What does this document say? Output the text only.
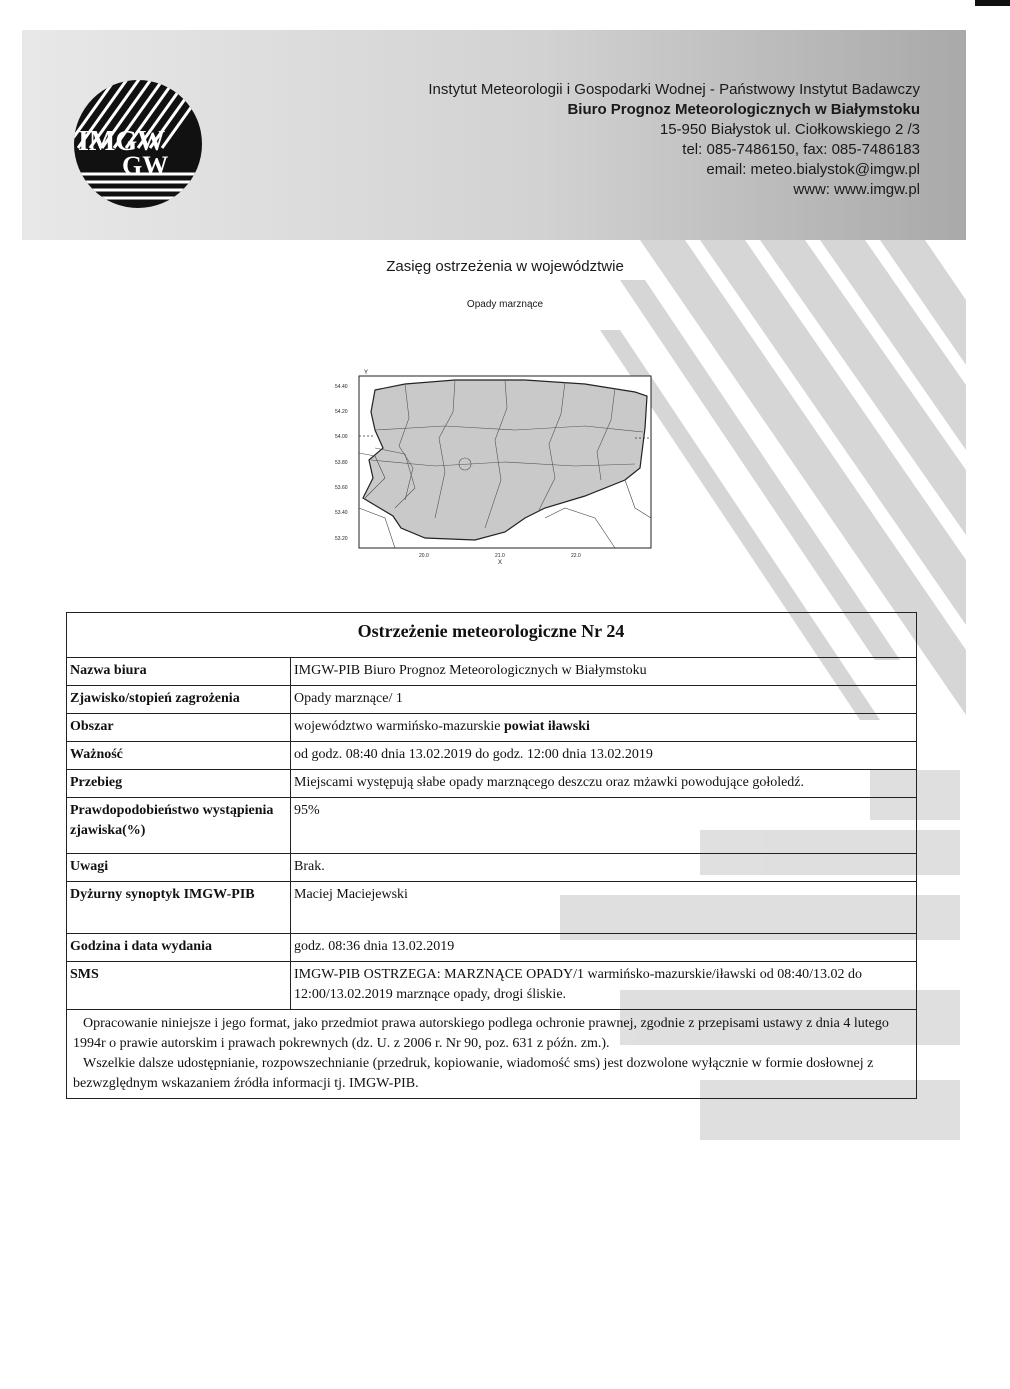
IMGW
GW
Instytut Meteorologii i Gospodarki Wodnej - Państwowy Instytut Badawczy
Biuro Prognoz Meteorologicznych w Białymstoku
15-950 Białystok ul. Ciołkowskiego 2 /3
tel: 085-7486150, fax: 085-7486183
email: meteo.bialystok@imgw.pl
www: www.imgw.pl
Zasięg ostrzeżenia w województwie
Opady marznące
Y
54.40
54.20
54.00
53.80
53.60
53.40
53.20
20.0	21.0	22.0
X
Ostrzeżenie meteorologiczne Nr 24	
Nazwa biura	IMGW-PIB Biuro Prognoz Meteorologicznych w Białymstoku
Zjawisko/stopień zagrożenia	Opady marznące/ 1
Obszar	województwo warmińsko-mazurskie powiat iławski
Ważność	od godz. 08:40 dnia 13.02.2019 do godz. 12:00 dnia 13.02.2019
Przebieg	Miejscami występują słabe opady marznącego deszczu oraz mżawki powodujące gołoledź.
Prawdopodobieństwo wystąpienia zjawiska(%)	95%
Uwagi	Brak.
Dyżurny synoptyk IMGW-PIB	Maciej Maciejewski
Godzina i data wydania	godz. 08:36 dnia 13.02.2019
SMS	IMGW-PIB OSTRZEGA: MARZNĄCE OPADY/1 warmińsko-mazurskie/iławski od 08:40/13.02 do 12:00/13.02.2019 marznące opady, drogi śliskie.

Opracowanie niniejsze i jego format, jako przedmiot prawa autorskiego podlega ochronie prawnej, zgodnie z przepisami ustawy z dnia 4 lutego 1994r o prawie autorskim i prawach pokrewnych (dz. U. z 2006 r. Nr 90, poz. 631 z późn. zm.).

Wszelkie dalsze udostępnianie, rozpowszechnianie (przedruk, kopiowanie, wiadomość sms) jest dozwolone wyłącznie w formie dosłownej z bezwzględnym wskazaniem źródła informacji tj. IMGW-PIB.	
